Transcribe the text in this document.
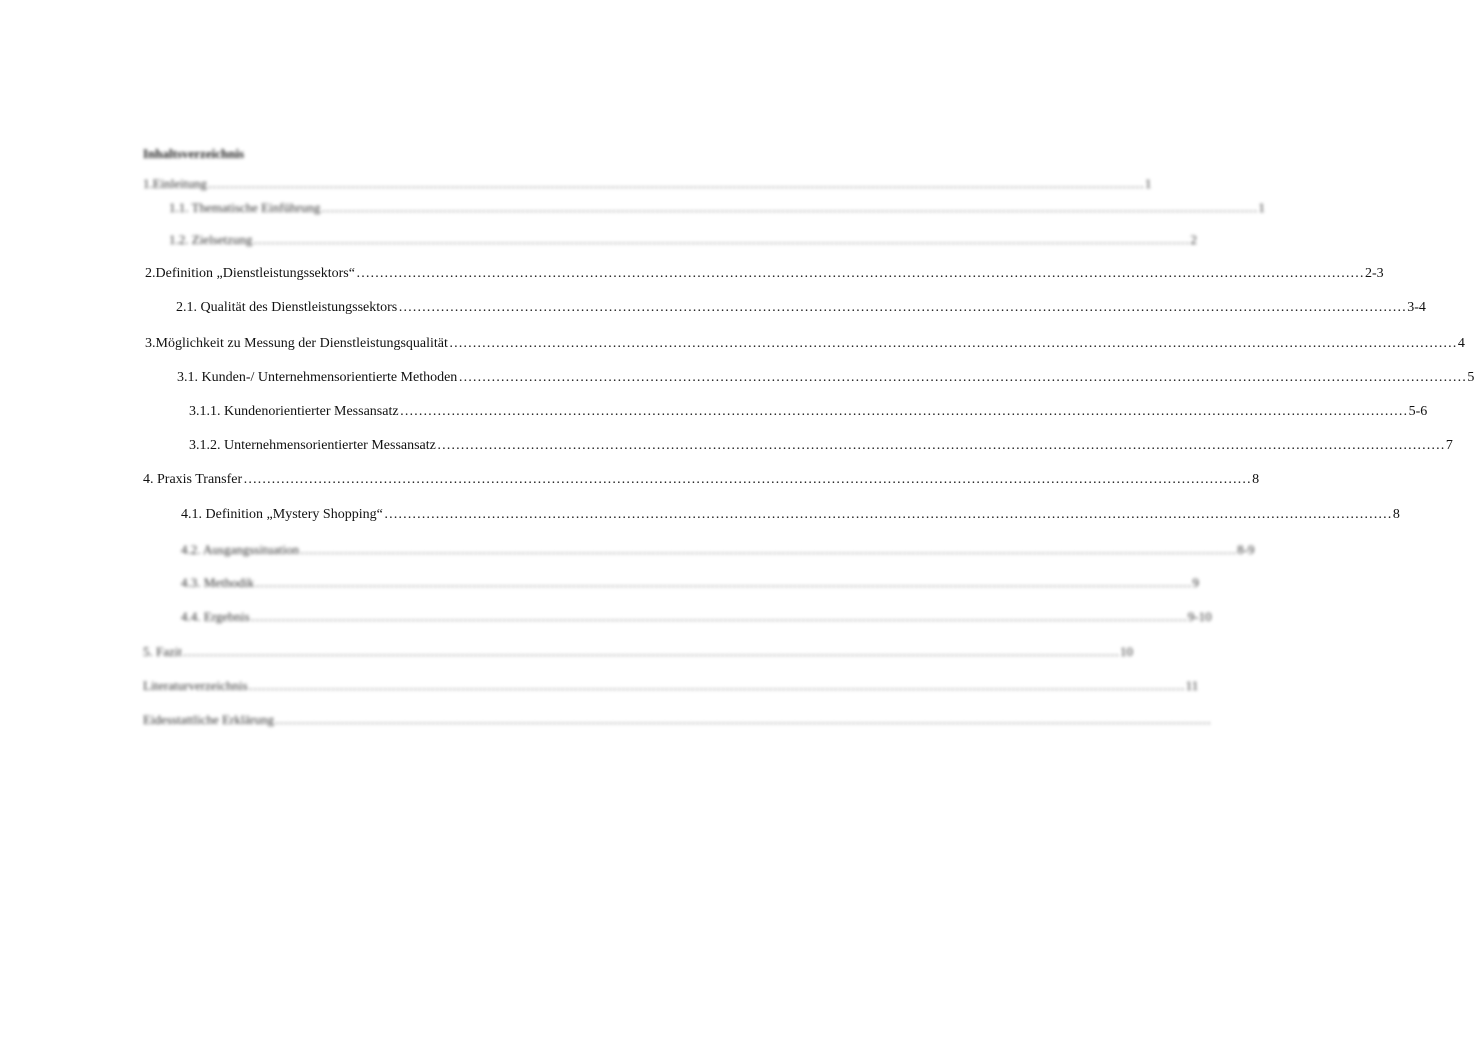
Inhaltsverzeichnis
1. Einleitung ……………………………………………………………………………………………………………………………………………………………………………………………… 1
1.1. Thematische Einführung ……………………………………………………………………………………………………………………………………………………………………………………………… 1
1.2. Zielsetzung ……………………………………………………………………………………………………………………………………………………………………………………………… 2
2. Definition „Dienstleistungssektors“ ……………………………………………………………………………………………………………………………………………………………………………………………… 2-3
2.1. Qualität des Dienstleistungssektors ……………………………………………………………………………………………………………………………………………………………………………………………… 3-4
3. Möglichkeit zu Messung der Dienstleistungsqualität ……………………………………………………………………………………………………………………………………………………………………………………………… 4
3.1. Kunden-/ Unternehmensorientierte Methoden ……………………………………………………………………………………………………………………………………………………………………………………………… 5
3.1.1. Kundenorientierter Messansatz ……………………………………………………………………………………………………………………………………………………………………………………………… 5-6
3.1.2. Unternehmensorientierter Messansatz ……………………………………………………………………………………………………………………………………………………………………………………………… 7
4. Praxis Transfer ……………………………………………………………………………………………………………………………………………………………………………………………… 8
4.1. Definition „Mystery Shopping“ ……………………………………………………………………………………………………………………………………………………………………………………………… 8
4.2. Ausgangssituation ……………………………………………………………………………………………………………………………………………………………………………………………… 8-9
4.3. Methodik ……………………………………………………………………………………………………………………………………………………………………………………………… 9
4.4. Ergebnis ……………………………………………………………………………………………………………………………………………………………………………………………… 9-10
5. Fazit ……………………………………………………………………………………………………………………………………………………………………………………………… 10
Literaturverzeichnis ……………………………………………………………………………………………………………………………………………………………………………………………… 11
Eidesstattliche Erklärung ………………………………………………………………………………………………………………………………………………………………………………………………
